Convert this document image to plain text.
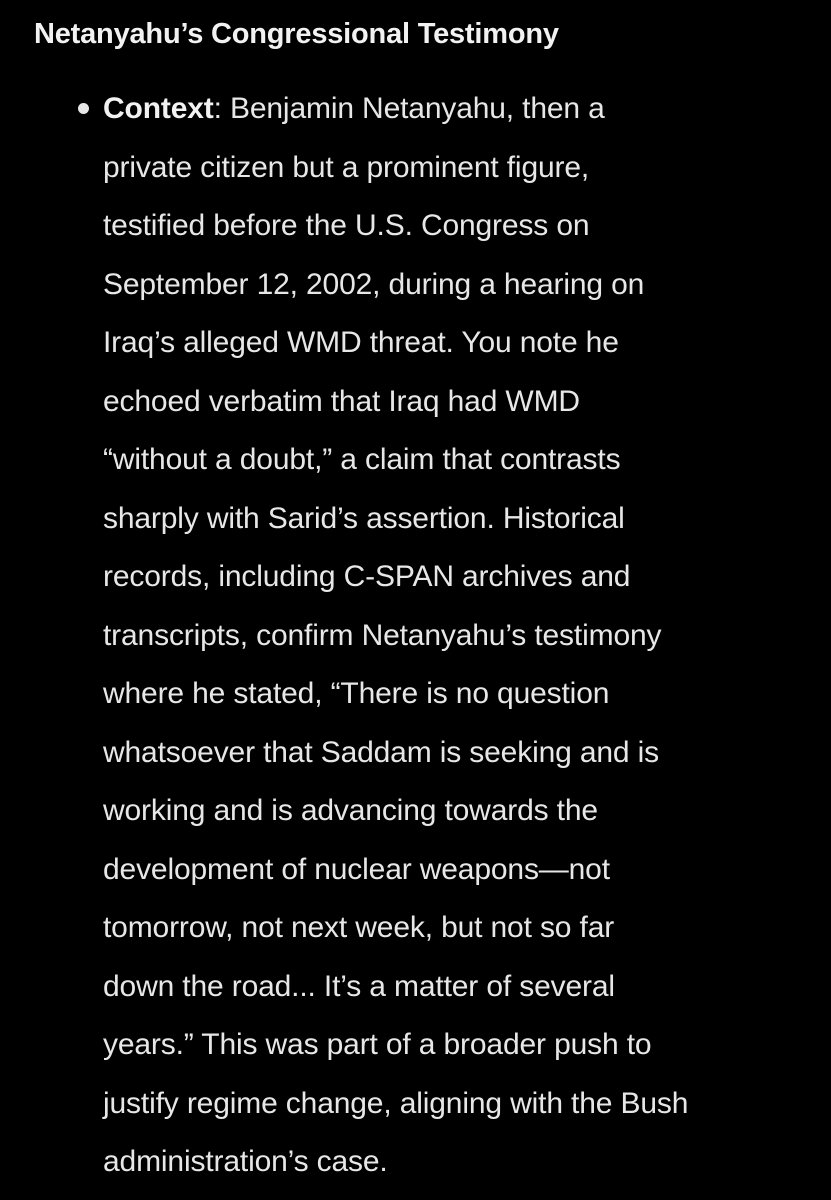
Netanyahu’s Congressional Testimony
Context: Benjamin Netanyahu, then a
private citizen but a prominent figure,
testified before the U.S. Congress on
September 12, 2002, during a hearing on
Iraq’s alleged WMD threat. You note he
echoed verbatim that Iraq had WMD
“without a doubt,” a claim that contrasts
sharply with Sarid’s assertion. Historical
records, including C-SPAN archives and
transcripts, confirm Netanyahu’s testimony
where he stated, “There is no question
whatsoever that Saddam is seeking and is
working and is advancing towards the
development of nuclear weapons—not
tomorrow, not next week, but not so far
down the road... It’s a matter of several
years.” This was part of a broader push to
justify regime change, aligning with the Bush
administration’s case.
